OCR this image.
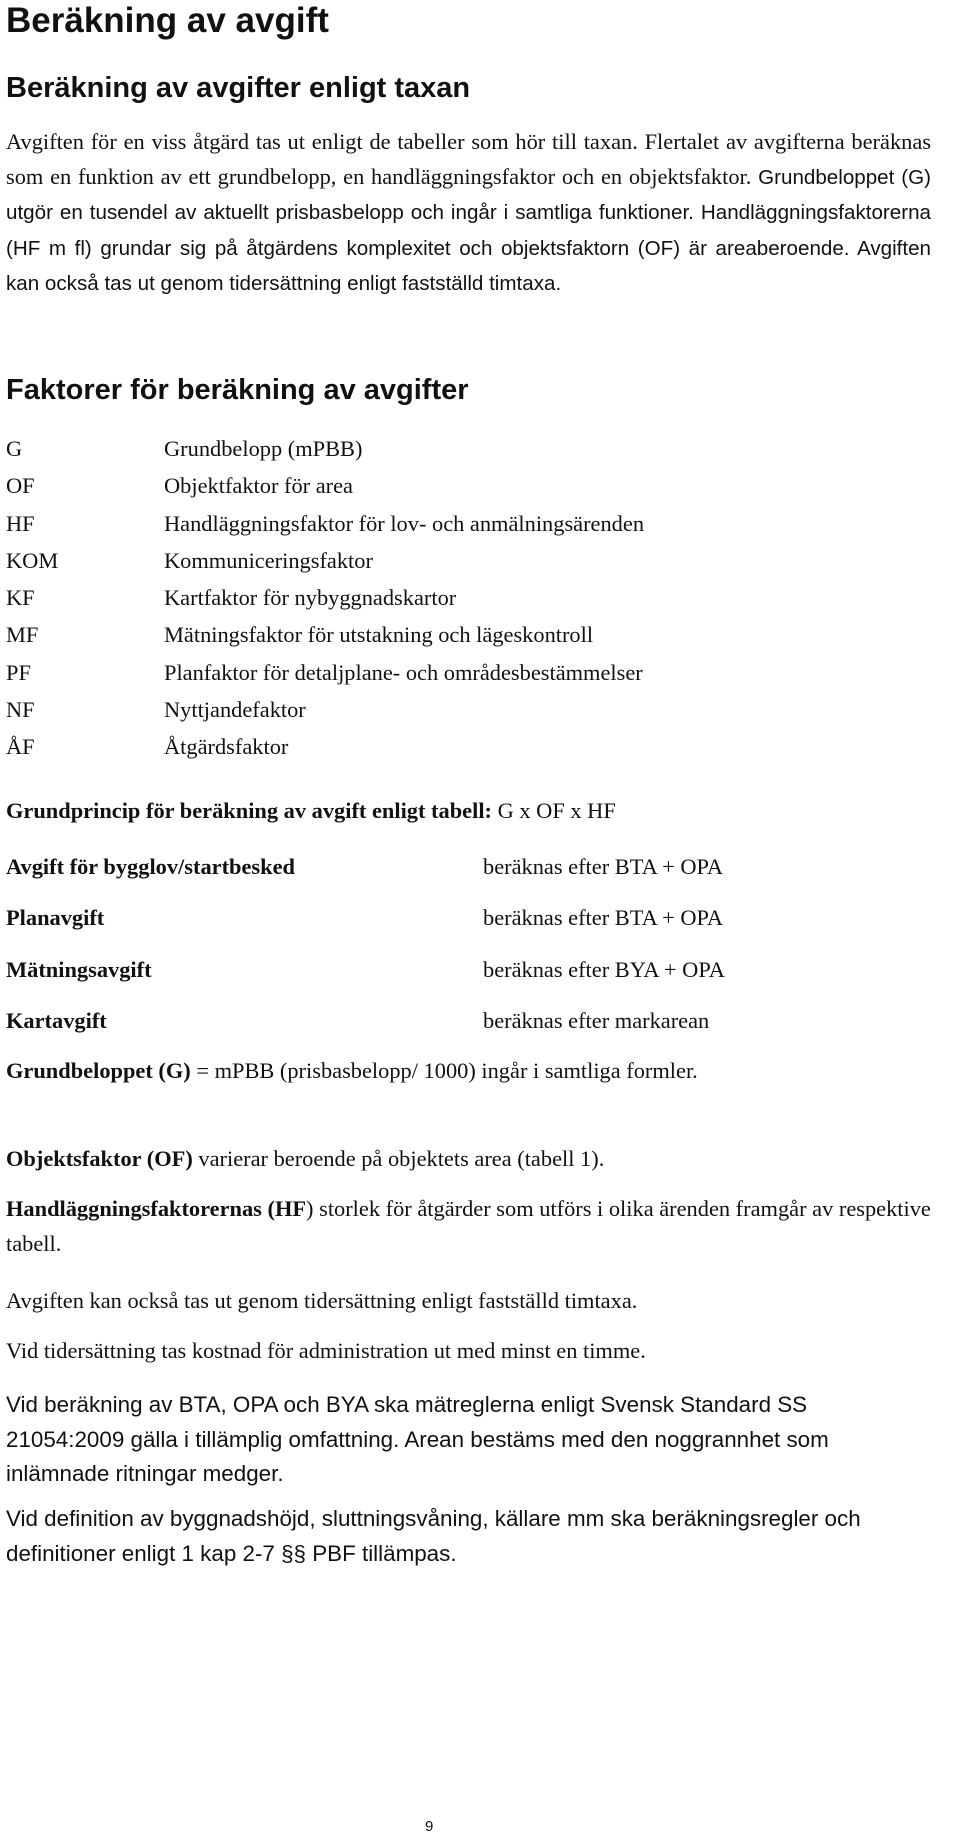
Beräkning av avgift
Beräkning av avgifter enligt taxan

Avgiften för en viss åtgärd tas ut enligt de tabeller som hör till taxan. Flertalet av avgifterna beräknas som en funktion av ett grundbelopp, en handläggningsfaktor och en objektsfaktor. Grundbeloppet (G) utgör en tusendel av aktuellt prisbasbelopp och ingår i samtliga funktioner. Handläggningsfaktorerna (HF m fl) grundar sig på åtgärdens komplexitet och objektsfaktorn (OF) är areaberoende. Avgiften kan också tas ut genom tidersättning enligt fastställd timtaxa.

Faktorer för beräkning av avgifter
G	Grundbelopp (mPBB)
OF	Objektfaktor för area
HF	Handläggningsfaktor för lov- och anmälningsärenden
KOM	Kommuniceringsfaktor
KF	Kartfaktor för nybyggnadskartor
MF	Mätningsfaktor för utstakning och lägeskontroll
PF	Planfaktor för detaljplane- och områdesbestämmelser
NF	Nyttjandefaktor
ÅF	Åtgärdsfaktor
Grundprincip för beräkning av avgift enligt tabell: G x OF x HF
Avgift för bygglov/startbesked	beräknas efter BTA + OPA
Planavgift	beräknas efter BTA + OPA
Mätningsavgift	beräknas efter BYA + OPA
Kartavgift	beräknas efter markarean

Grundbeloppet (G) = mPBB (prisbasbelopp/ 1000) ingår i samtliga formler.

Objektsfaktor (OF) varierar beroende på objektets area (tabell 1).

Handläggningsfaktorernas (HF) storlek för åtgärder som utförs i olika ärenden framgår av respektive tabell.

Avgiften kan också tas ut genom tidersättning enligt fastställd timtaxa.

Vid tidersättning tas kostnad för administration ut med minst en timme.

Vid beräkning av BTA, OPA och BYA ska mätreglerna enligt Svensk Standard SS 21054:2009 gälla i tillämplig omfattning. Arean bestäms med den noggrannhet som inlämnade ritningar medger.

Vid definition av byggnadshöjd, sluttningsvåning, källare mm ska beräkningsregler och definitioner enligt 1 kap 2-7 §§ PBF tillämpas.

9
